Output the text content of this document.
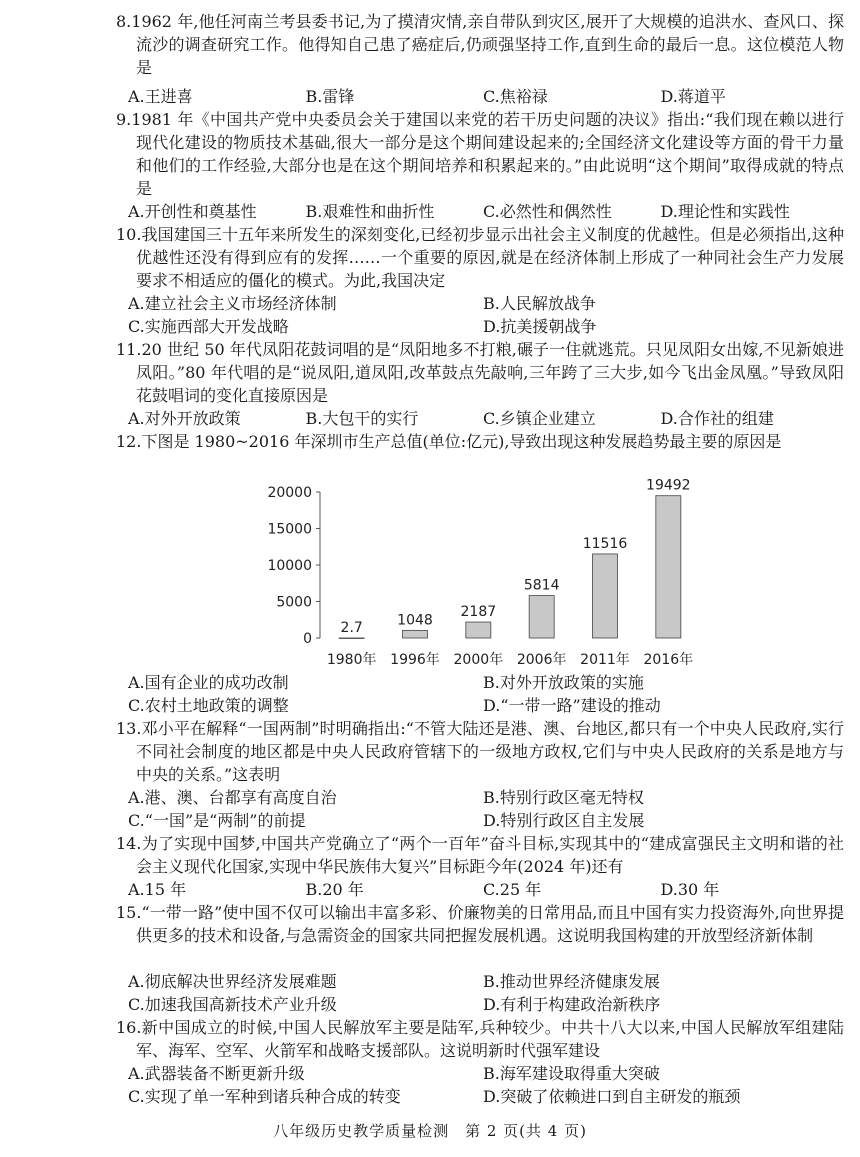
8.1962 年,他任河南兰考县委书记,为了摸清灾情,亲自带队到灾区,展开了大规模的追洪水、查风口、探流沙的调查研究工作。他得知自己患了癌症后,仍顽强坚持工作,直到生命的最后一息。这位模范人物是
A.王进喜	B.雷锋	C.焦裕禄	D.蒋道平
9.1981 年《中国共产党中央委员会关于建国以来党的若干历史问题的决议》指出:“我们现在赖以进行现代化建设的物质技术基础,很大一部分是这个期间建设起来的;全国经济文化建设等方面的骨干力量和他们的工作经验,大部分也是在这个期间培养和积累起来的。”由此说明“这个期间”取得成就的特点是
A.开创性和奠基性	B.艰难性和曲折性	C.必然性和偶然性	D.理论性和实践性
10.我国建国三十五年来所发生的深刻变化,已经初步显示出社会主义制度的优越性。但是必须指出,这种优越性还没有得到应有的发挥……一个重要的原因,就是在经济体制上形成了一种同社会生产力发展要求不相适应的僵化的模式。为此,我国决定
A.建立社会主义市场经济体制	B.人民解放战争
C.实施西部大开发战略	D.抗美援朝战争
11.20 世纪 50 年代凤阳花鼓词唱的是“凤阳地多不打粮,碾子一住就逃荒。只见凤阳女出嫁,不见新娘进凤阳。”80 年代唱的是“说凤阳,道凤阳,改革鼓点先敲响,三年跨了三大步,如今飞出金凤凰。”导致凤阳花鼓唱词的变化直接原因是
A.对外开放政策	B.大包干的实行	C.乡镇企业建立	D.合作社的组建
12.下图是 1980~2016 年深圳市生产总值(单位:亿元),导致出现这种发展趋势最主要的原因是
0
5000
10000
15000
20000
2.7
1980年
1048
1996年
2187
2000年
5814
2006年
11516
2011年
19492
2016年
A.国有企业的成功改制	B.对外开放政策的实施
C.农村土地政策的调整	D.“一带一路”建设的推动
13.邓小平在解释“一国两制”时明确指出:“不管大陆还是港、澳、台地区,都只有一个中央人民政府,实行不同社会制度的地区都是中央人民政府管辖下的一级地方政权,它们与中央人民政府的关系是地方与中央的关系。”这表明
A.港、澳、台都享有高度自治	B.特别行政区毫无特权
C.“一国”是“两制”的前提	D.特别行政区自主发展
14.为了实现中国梦,中国共产党确立了“两个一百年”奋斗目标,实现其中的“建成富强民主文明和谐的社会主义现代化国家,实现中华民族伟大复兴”目标距今年(2024 年)还有
A.15 年	B.20 年	C.25 年	D.30 年
15.“一带一路”使中国不仅可以输出丰富多彩、价廉物美的日常用品,而且中国有实力投资海外,向世界提供更多的技术和设备,与急需资金的国家共同把握发展机遇。这说明我国构建的开放型经济新体制
A.彻底解决世界经济发展难题	B.推动世界经济健康发展
C.加速我国高新技术产业升级	D.有利于构建政治新秩序
16.新中国成立的时候,中国人民解放军主要是陆军,兵种较少。中共十八大以来,中国人民解放军组建陆军、海军、空军、火箭军和战略支援部队。这说明新时代强军建设
A.武器装备不断更新升级	B.海军建设取得重大突破
C.实现了单一军种到诸兵种合成的转变	D.突破了依赖进口到自主研发的瓶颈
八年级历史教学质量检测　第 2 页(共 4 页)
